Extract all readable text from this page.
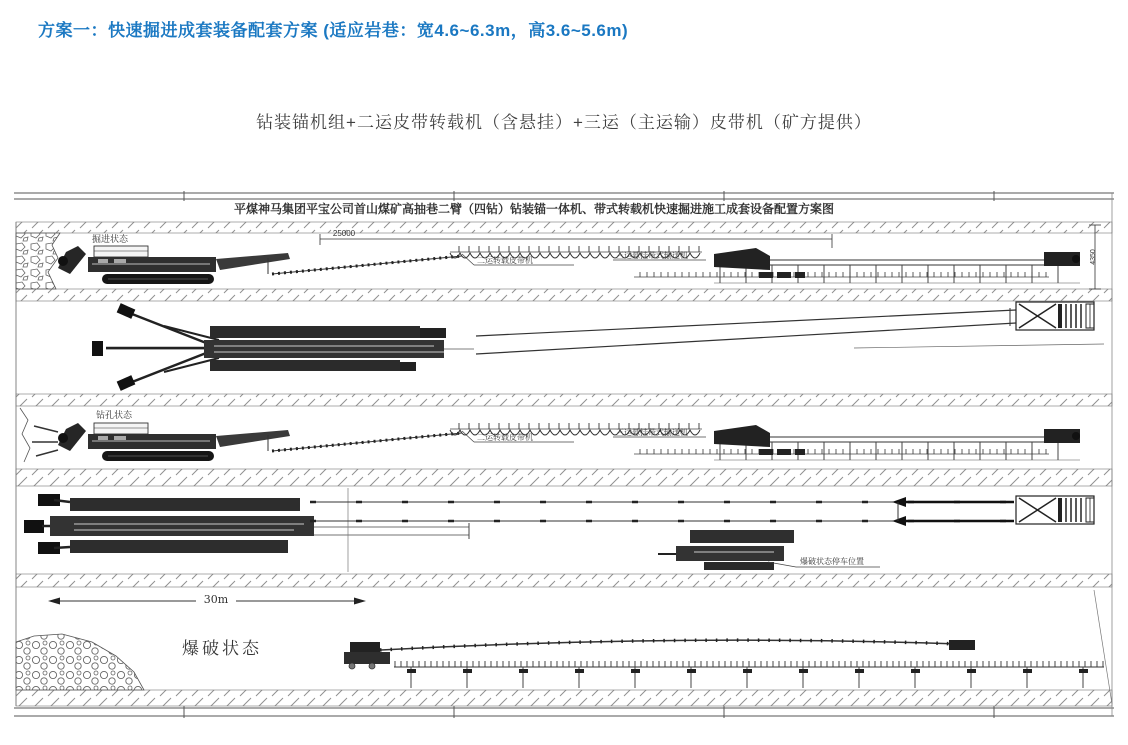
方案一：快速掘进成套装备配套方案 (适应岩巷：宽4.6~6.3m，高3.6~5.6m)
钻装锚机组+二运皮带转载机（含悬挂）+三运（主运输）皮带机（矿方提供）
平煤神马集团平宝公司首山煤矿高抽巷二臂（四钻）钻装锚一体机、带式转载机快速掘进施工成套设备配置方案图
掘进状态
25000
二运转载皮带机
三运悬挂带式输送机	4350
钻孔状态
二运转载皮带机
三运悬挂带式输送机
爆破状态停车位置
30m
爆破状态
